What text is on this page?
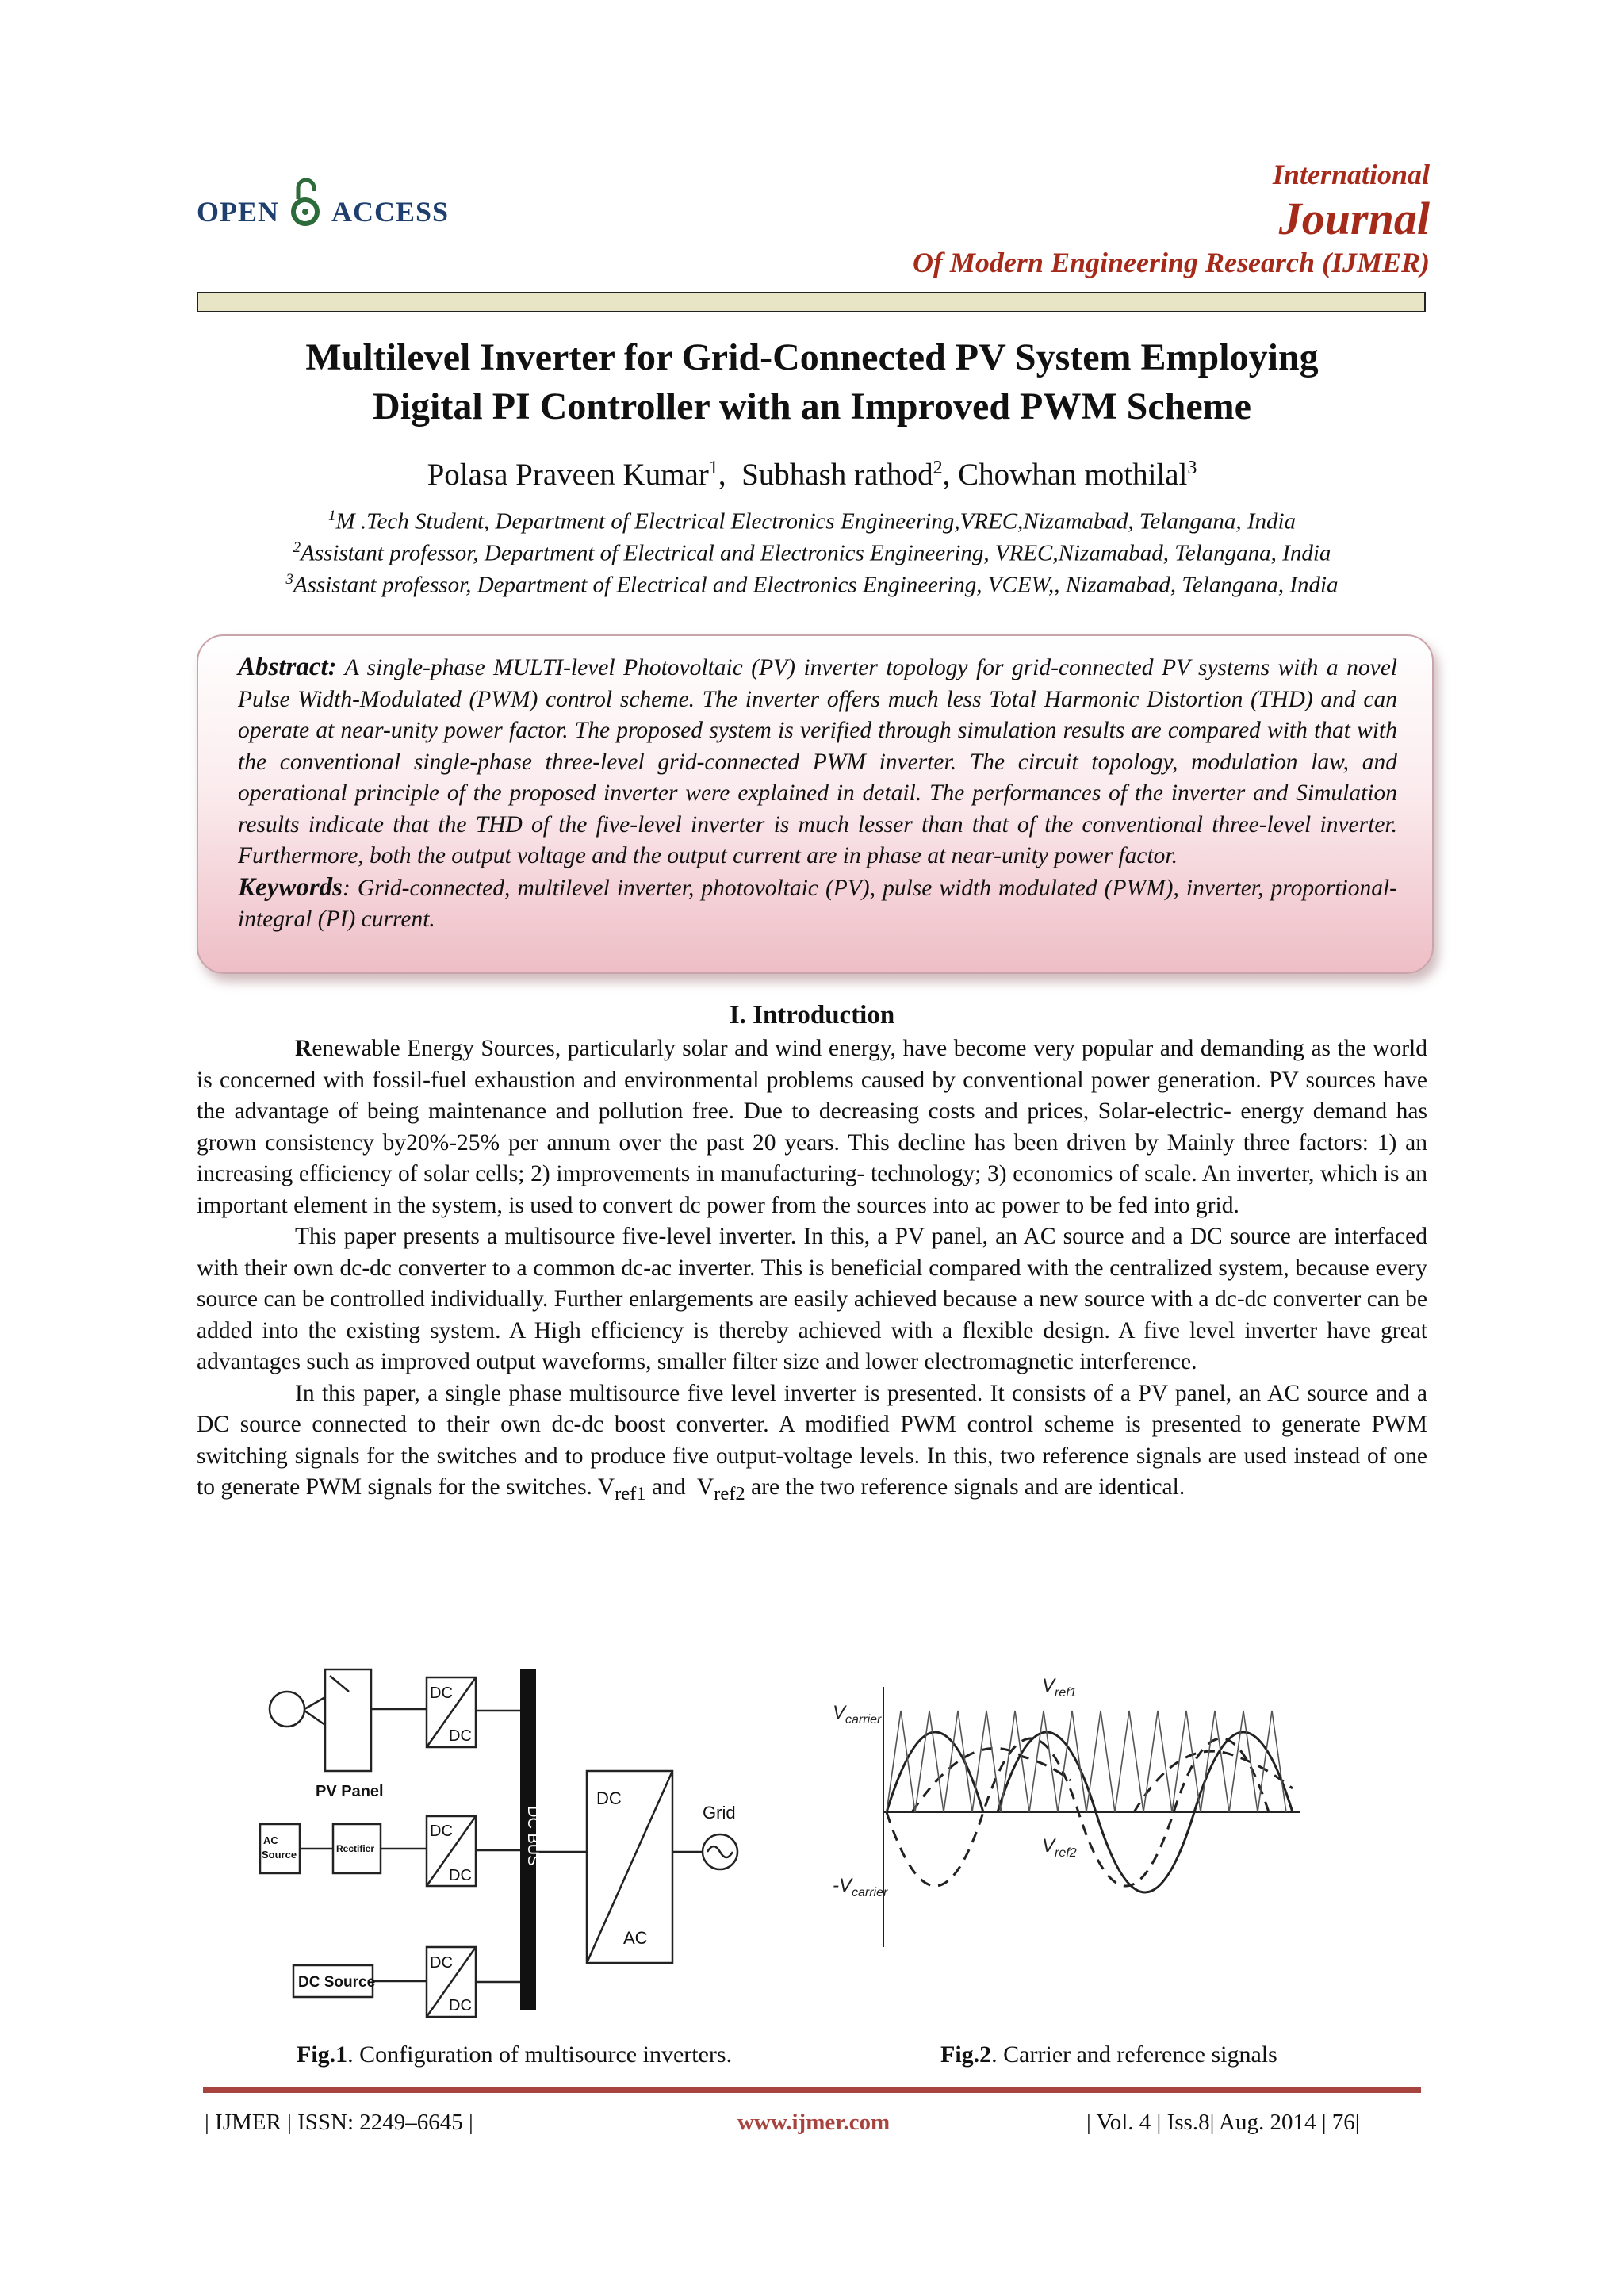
OPEN ACCESS
International
Journal
Of Modern Engineering Research (IJMER)
Multilevel Inverter for Grid-Connected PV System Employing
Digital PI Controller with an Improved PWM Scheme
Polasa Praveen Kumar$^1$,  Subhash rathod$^2$, Chowhan mothilal$^3$
$^1$M .Tech Student, Department of Electrical Electronics Engineering,VREC,Nizamabad, Telangana, India
$^2$Assistant professor, Department of Electrical and Electronics Engineering, VREC,Nizamabad, Telangana, India
$^3$Assistant professor, Department of Electrical and Electronics Engineering, VCEW,, Nizamabad, Telangana, India
Abstract: A single-phase MULTI-level Photovoltaic (PV) inverter topology for grid-connected PV systems with a novel Pulse Width-Modulated (PWM) control scheme. The inverter offers much less Total Harmonic Distortion (THD) and can operate at near-unity power factor. The proposed system is verified through simulation results are compared with that with the conventional single-phase three-level grid-connected PWM inverter. The circuit topology, modulation law, and operational principle of the proposed inverter were explained in detail. The performances of the inverter and Simulation results indicate that the THD of the five-level inverter is much lesser than that of the conventional three-level inverter. Furthermore, both the output voltage and the output current are in phase at near-unity power factor.
Keywords: Grid-connected, multilevel inverter, photovoltaic (PV), pulse width modulated (PWM), inverter, proportional-integral (PI) current.
I. Introduction

Renewable Energy Sources, particularly solar and wind energy, have become very popular and demanding as the world is concerned with fossil-fuel exhaustion and environmental problems caused by conventional power generation. PV sources have the advantage of being maintenance and pollution free. Due to decreasing costs and prices, Solar-electric- energy demand has grown consistency by20%-25% per annum over the past 20 years. This decline has been driven by Mainly three factors: 1) an increasing efficiency of solar cells; 2) improvements in manufacturing- technology; 3) economics of scale. An inverter, which is an important element in the system, is used to convert dc power from the sources into ac power to be fed into grid.

This paper presents a multisource five-level inverter. In this, a PV panel, an AC source and a DC source are interfaced with their own dc-dc converter to a common dc-ac inverter. This is beneficial compared with the centralized system, because every source can be controlled individually. Further enlargements are easily achieved because a new source with a dc-dc converter can be added into the existing system. A High efficiency is thereby achieved with a flexible design. A five level inverter have great advantages such as improved output waveforms, smaller filter size and lower electromagnetic interference.

In this paper, a single phase multisource five level inverter is presented. It consists of a PV panel, an AC source and a DC source connected to their own dc-dc boost converter. A modified PWM control scheme is presented to generate PWM switching signals for the switches and to produce five output-voltage levels. In this, two reference signals are used instead of one to generate PWM signals for the switches. $V_{ref1}$ and  $V_{ref2}$ are the two reference signals and are identical.

PV Panel
AC
Source	Rectifier
DC Source
DC
DC
DC
DC
DC
DC
DC
AC
Grid
DC BUS
$V_{ref1}$
$V_{carrier}$
$V_{ref2}$
$-V_{carrier}$
Fig.1. Configuration of multisource inverters.	Fig.2. Carrier and reference signals
| IJMER | ISSN: 2249–6645 |	www.ijmer.com	| Vol. 4 | Iss.8| Aug. 2014 | 76|
